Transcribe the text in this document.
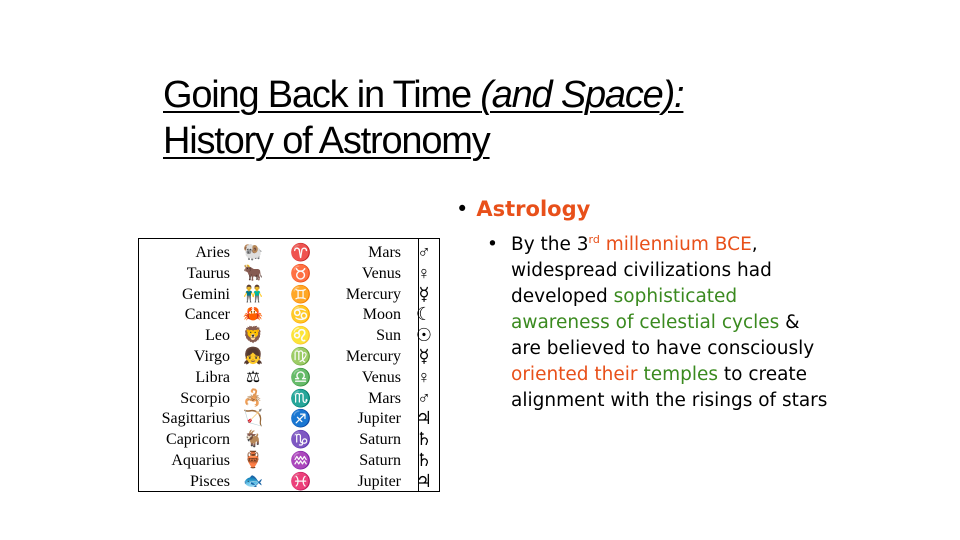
Going Back in Time (and Space):
History of Astronomy
• Astrology
• By the 3rd millennium BCE, widespread civilizations had developed sophisticated awareness of celestial cycles & are believed to have consciously oriented their temples to create alignment with the risings of stars
Aries 🐏	♈	Mars ♂
Taurus 🐂	♉	Venus ♀
Gemini 👬	♊ Mercury ☿
Cancer 🦀	♋	Moon ☾
Leo 🦁	♌	Sun ☉
Virgo 👧	♍ Mercury ☿
Libra ⚖	♎	Venus ♀
Scorpio 🦂	♏	Mars ♂
Sagittarius 🏹	♐	Jupiter ♃
Capricorn 🐐	♑	Saturn ♄
Aquarius 🏺	♒	Saturn ♄
Pisces 🐟	♓	Jupiter ♃
